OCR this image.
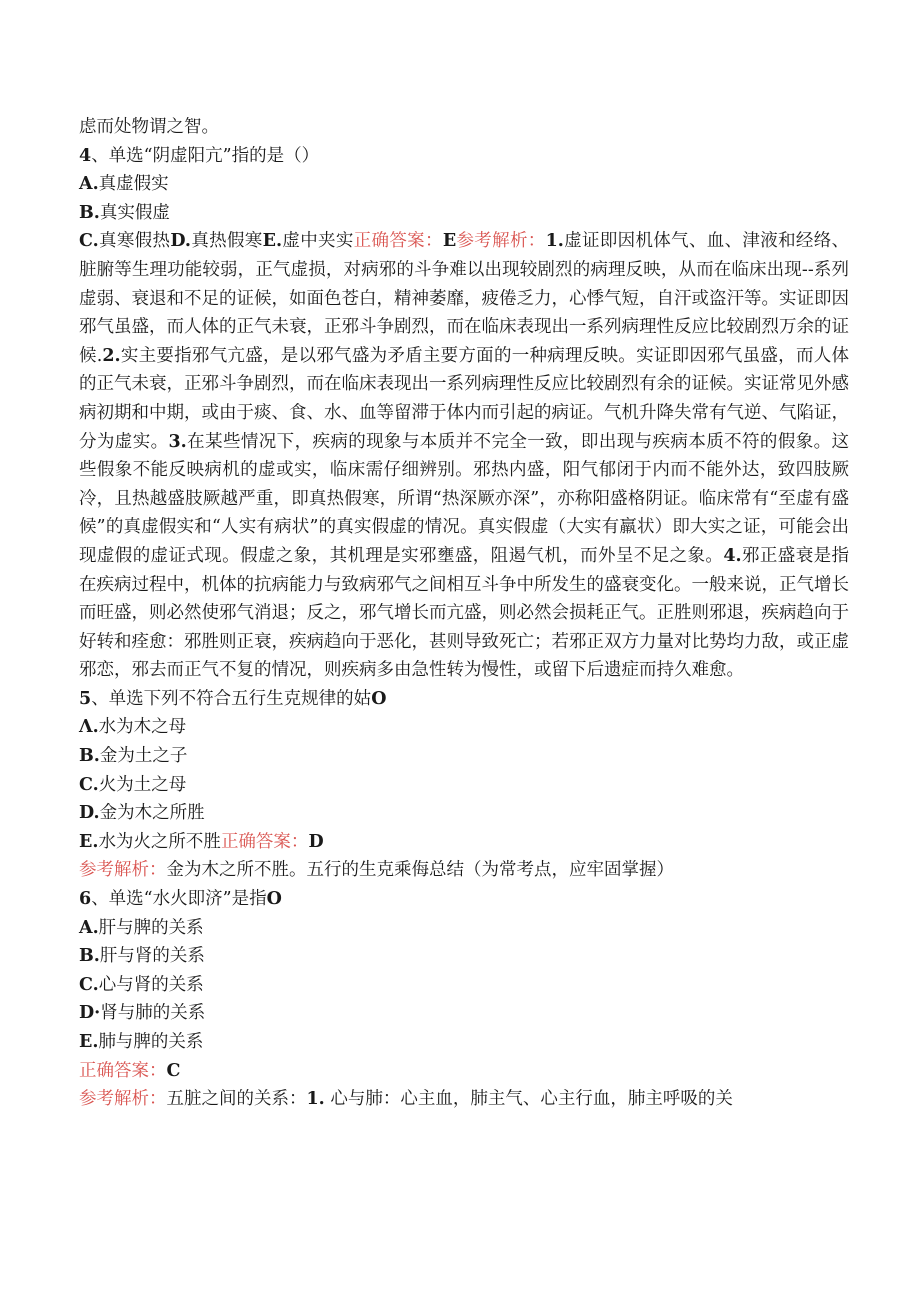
虑而处物谓之智。

4、单选“阴虚阳亢”指的是（）

A.真虚假实

B.真实假虚

C.真寒假热D.真热假寒E.虚中夹实正确答案：E参考解析：1.虚证即因机体气、血、津液和经络、脏腑等生理功能较弱，正气虚损，对病邪的斗争难以出现较剧烈的病理反映，从而在临床出现--系列虚弱、衰退和不足的证候，如面色苍白，精神萎靡，疲倦乏力，心悸气短，自汗或盗汗等。实证即因邪气虽盛，而人体的正气未衰，正邪斗争剧烈，而在临床表现出一系列病理性反应比较剧烈万余的证候.2.实主要指邪气亢盛，是以邪气盛为矛盾主要方面的一种病理反映。实证即因邪气虽盛，而人体的正气未衰，正邪斗争剧烈，而在临床表现出一系列病理性反应比较剧烈有余的证候。实证常见外感病初期和中期，或由于痰、食、水、血等留滞于体内而引起的病证。气机升降失常有气逆、气陷证，分为虚实。3.在某些情况下，疾病的现象与本质并不完全一致，即出现与疾病本质不符的假象。这些假象不能反映病机的虚或实，临床需仔细辨别。邪热内盛，阳气郁闭于内而不能外达，致四肢厥冷，且热越盛肢厥越严重，即真热假寒，所谓“热深厥亦深”，亦称阳盛格阴证。临床常有“至虚有盛候”的真虚假实和“人实有病状”的真实假虚的情况。真实假虚（大实有羸状）即大实之证，可能会出现虚假的虚证式现。假虚之象，其机理是实邪壅盛，阻遏气机，而外呈不足之象。4.邪正盛衰是指在疾病过程中，机体的抗病能力与致病邪气之间相互斗争中所发生的盛衰变化。一般来说，正气增长而旺盛，则必然使邪气消退；反之，邪气增长而亢盛，则必然会损耗正气。正胜则邪退，疾病趋向于好转和痊愈：邪胜则正衰，疾病趋向于恶化，甚则导致死亡；若邪正双方力量对比势均力敌，或正虚邪恋，邪去而正气不复的情况，则疾病多由急性转为慢性，或留下后遗症而持久难愈。

5、单选下列不符合五行生克规律的姑O

Λ.水为木之母

B.金为土之子

C.火为土之母

D.金为木之所胜

E.水为火之所不胜正确答案：D

参考解析：金为木之所不胜。五行的生克乘侮总结（为常考点，应牢固掌握）

6、单选“水火即济”是指O

A.肝与脾的关系

B.肝与肾的关系

C.心与肾的关系

D·肾与肺的关系

E.肺与脾的关系

正确答案：C

参考解析：五脏之间的关系：1. 心与肺：心主血，肺主气、心主行血，肺主呼吸的关
